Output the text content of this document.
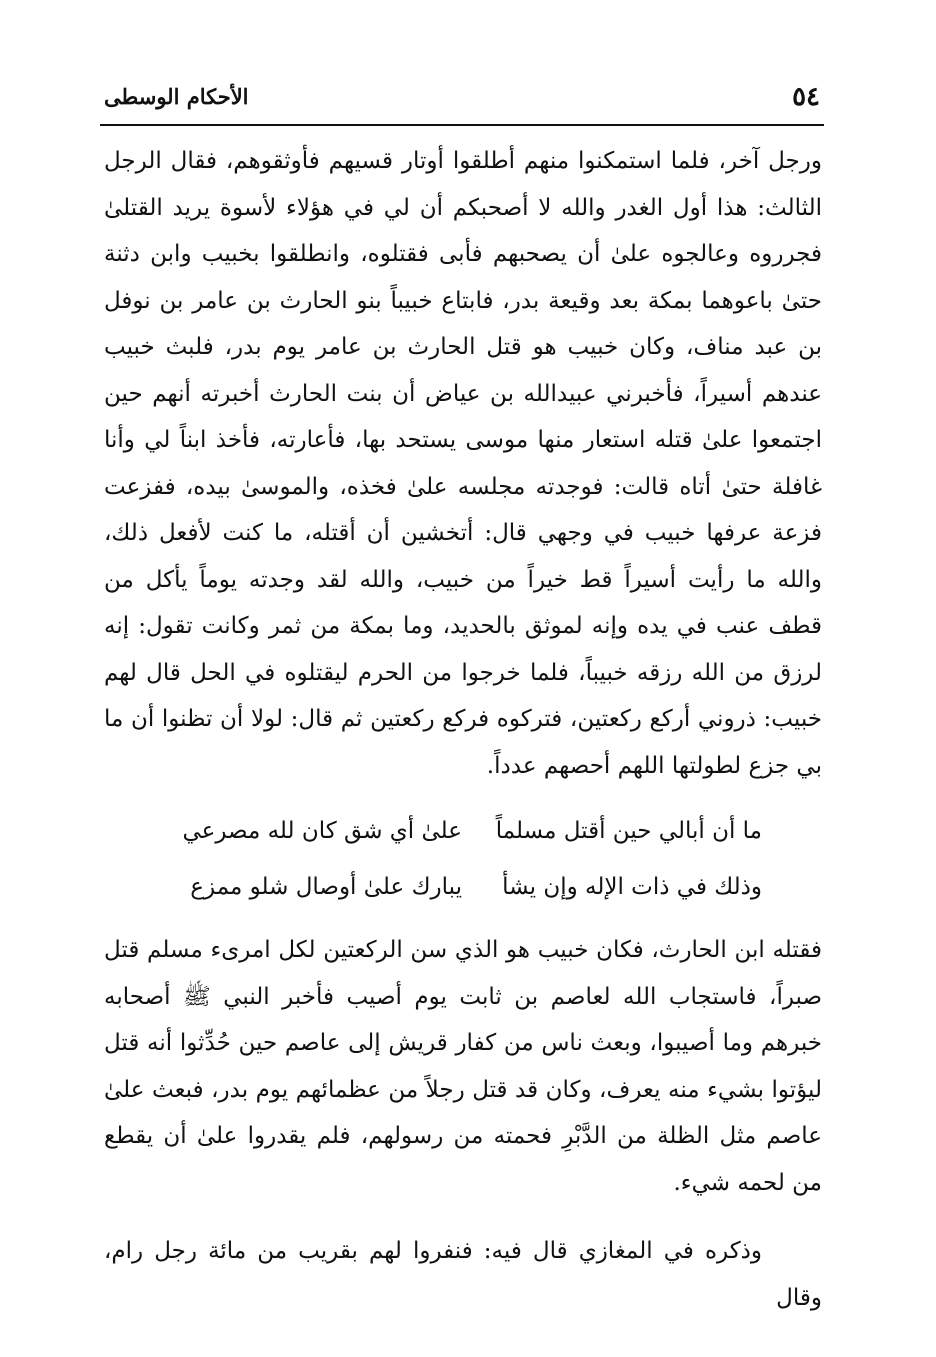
٥٤
الأحكام الوسطى

ورجل آخر، فلما استمكنوا منهم أطلقوا أوتار قسيهم فأوثقوهم، فقال الرجل الثالث: هذا أول الغدر والله لا أصحبكم أن لي في هؤلاء لأسوة يريد القتلىٰ فجرروه وعالجوه علىٰ أن يصحبهم فأبى فقتلوه، وانطلقوا بخبيب وابن دثنة حتىٰ باعوهما بمكة بعد وقيعة بدر، فابتاع خبيباً بنو الحارث بن عامر بن نوفل بن عبد مناف، وكان خبيب هو قتل الحارث بن عامر يوم بدر، فلبث خبيب عندهم أسيراً، فأخبرني عبيدالله بن عياض أن بنت الحارث أخبرته أنهم حين اجتمعوا علىٰ قتله استعار منها موسى يستحد بها، فأعارته، فأخذ ابناً لي وأنا غافلة حتىٰ أتاه قالت: فوجدته مجلسه علىٰ فخذه، والموسىٰ بيده، ففزعت فزعة عرفها خبيب في وجهي قال: أتخشين أن أقتله، ما كنت لأفعل ذلك، والله ما رأيت أسيراً قط خيراً من خبيب، والله لقد وجدته يوماً يأكل من قطف عنب في يده وإنه لموثق بالحديد، وما بمكة من ثمر وكانت تقول: إنه لرزق من الله رزقه خبيباً، فلما خرجوا من الحرم ليقتلوه في الحل قال لهم خبيب: ذروني أركع ركعتين، فتركوه فركع ركعتين ثم قال: لولا أن تظنوا أن ما بي جزع لطولتها اللهم أحصهم عدداً.

ما أن أبالي حين أقتل مسلماً
علىٰ أي شق كان لله مصرعي
وذلك في ذات الإله وإن يشأ
يبارك علىٰ أوصال شلو ممزع

فقتله ابن الحارث، فكان خبيب هو الذي سن الركعتين لكل امرىء مسلم قتل صبراً، فاستجاب الله لعاصم بن ثابت يوم أصيب فأخبر النبي ﷺ أصحابه خبرهم وما أصيبوا، وبعث ناس من كفار قريش إلى عاصم حين حُدِّثوا أنه قتل ليؤتوا بشيء منه يعرف، وكان قد قتل رجلاً من عظمائهم يوم بدر، فبعث علىٰ عاصم مثل الظلة من الدَّبْرِ فحمته من رسولهم، فلم يقدروا علىٰ أن يقطع من لحمه شيء.

وذكره في المغازي قال فيه: فنفروا لهم بقريب من مائة رجل رام، وقال
